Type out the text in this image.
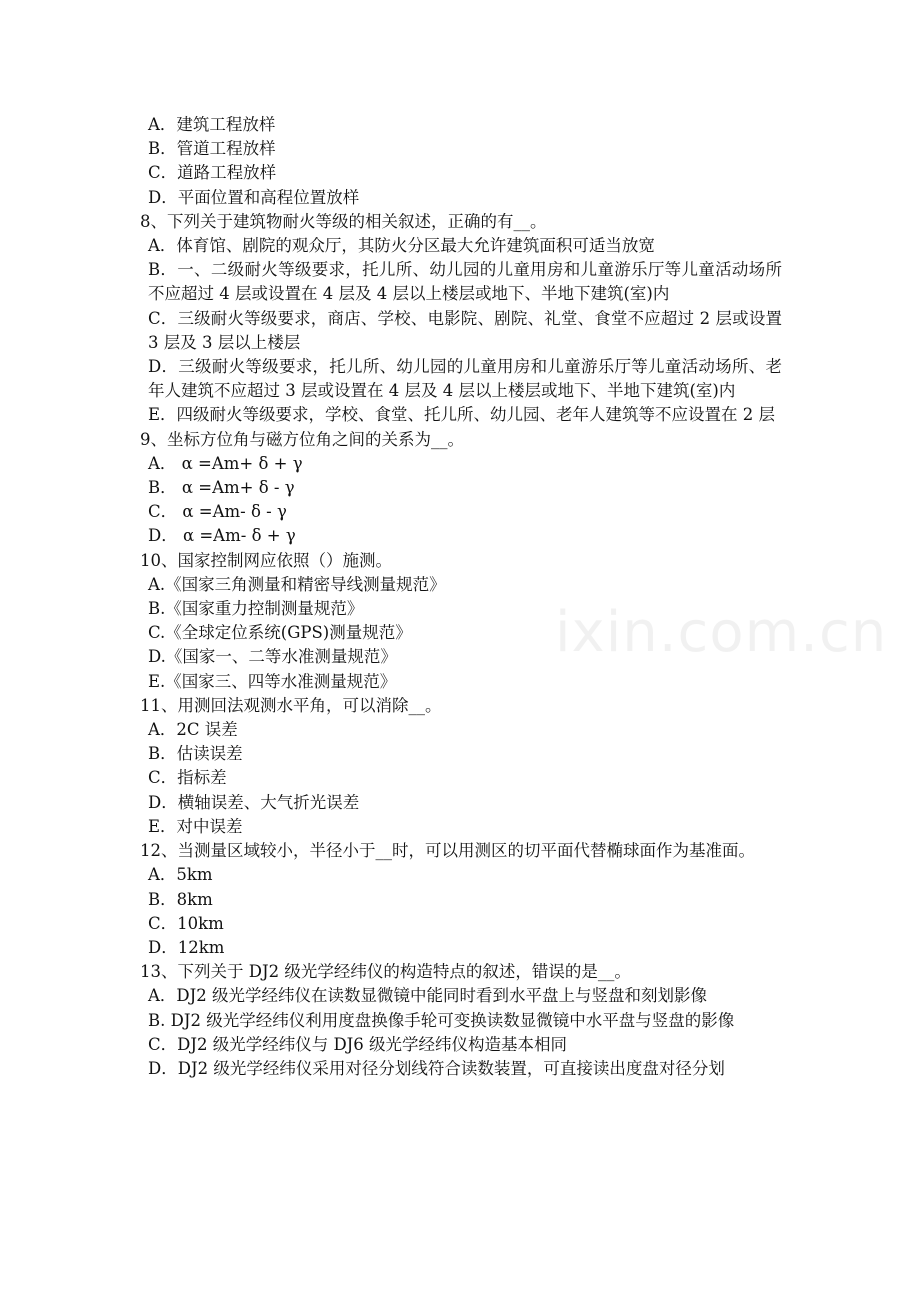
ixin.com.cn

A．建筑工程放样

B．管道工程放样

C．道路工程放样

D．平面位置和高程位置放样

8、下列关于建筑物耐火等级的相关叙述，正确的有__。

A．体育馆、剧院的观众厅，其防火分区最大允许建筑面积可适当放宽

B．一、二级耐火等级要求，托儿所、幼儿园的儿童用房和儿童游乐厅等儿童活动场所不应超过 4 层或设置在 4 层及 4 层以上楼层或地下、半地下建筑(室)内

C．三级耐火等级要求，商店、学校、电影院、剧院、礼堂、食堂不应超过 2 层或设置 3 层及 3 层以上楼层

D．三级耐火等级要求，托儿所、幼儿园的儿童用房和儿童游乐厅等儿童活动场所、老年人建筑不应超过 3 层或设置在 4 层及 4 层以上楼层或地下、半地下建筑(室)内

E．四级耐火等级要求，学校、食堂、托儿所、幼儿园、老年人建筑等不应设置在 2 层

9、坐标方位角与磁方位角之间的关系为__。

A． α =Am+ δ + γ

B． α =Am+ δ - γ

C． α =Am- δ - γ

D． α =Am- δ + γ

10、国家控制网应依照（）施测。

A.《国家三角测量和精密导线测量规范》

B.《国家重力控制测量规范》

C.《全球定位系统(GPS)测量规范》

D.《国家一、二等水准测量规范》

E.《国家三、四等水准测量规范》

11、用测回法观测水平角，可以消除__。

A．2C 误差

B．估读误差

C．指标差

D．横轴误差、大气折光误差

E．对中误差

12、当测量区域较小，半径小于__时，可以用测区的切平面代替椭球面作为基准面。

A．5km

B．8km

C．10km

D．12km

13、下列关于 DJ2 级光学经纬仪的构造特点的叙述，错误的是__。

A．DJ2 级光学经纬仪在读数显微镜中能同时看到水平盘上与竖盘和刻划影像

B. DJ2 级光学经纬仪利用度盘换像手轮可变换读数显微镜中水平盘与竖盘的影像

C．DJ2 级光学经纬仪与 DJ6 级光学经纬仪构造基本相同

D．DJ2 级光学经纬仪采用对径分划线符合读数装置，可直接读出度盘对径分划
